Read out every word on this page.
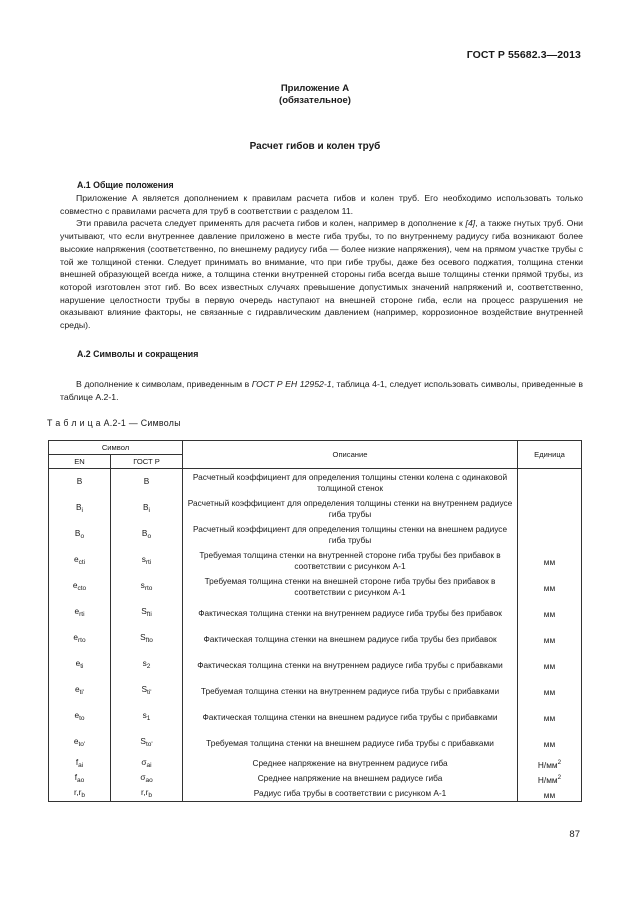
ГОСТ Р 55682.3—2013
Приложение А
(обязательное)
Расчет гибов и колен труб
А.1 Общие положения

Приложение А является дополнением к правилам расчета гибов и колен труб. Его необходимо использовать только совместно с правилами расчета для труб в соответствии с разделом 11.

Эти правила расчета следует применять для расчета гибов и колен, например в дополнение к [4], а также гнутых труб. Они учитывают, что если внутреннее давление приложено в месте гиба трубы, то по внутреннему радиусу гиба возникают более высокие напряжения (соответственно, по внешнему радиусу гиба — более низкие напряжения), чем на прямом участке трубы с той же толщиной стенки. Следует принимать во внимание, что при гибе трубы, даже без осевого поджатия, толщина стенки внешней образующей всегда ниже, а толщина стенки внутренней стороны гиба всегда выше толщины стенки прямой трубы, из которой изготовлен этот гиб. Во всех известных случаях превышение допустимых значений напряжений и, соответственно, нарушение целостности трубы в первую очередь наступают на внешней стороне гиба, если на процесс разрушения не оказывают влияние факторы, не связанные с гидравлическим давлением (например, коррозионное воздействие внутренней среды).

А.2 Символы и сокращения

В дополнение к символам, приведенным в ГОСТ Р ЕН 12952-1, таблица 4-1, следует использовать символы, приведенные в таблице А.2-1.

Т а б л и ц а А.2-1 — Символы
Символ		Описание	Единица
EN	ГОСТ Р		
B	B	Расчетный коэффициент для определения толщины стенки колена с одинаковой толщиной стенок	
$B_i$	$B_i$	Расчетный коэффициент для определения толщины стенки на внутреннем радиусе гиба трубы	
$B_o$	$B_o$	Расчетный коэффициент для определения толщины стенки на внешнем радиусе гиба трубы	
$e_{cti}$	$s_{rti}$	Требуемая толщина стенки на внутренней стороне гиба трубы без прибавок в соответствии с рисунком А-1	мм
$e_{cto}$	$s_{rto}$	Требуемая толщина стенки на внешней стороне гиба трубы без прибавок в соответствии с рисунком А-1	мм
$e_{rti}$	$S_{fti}$	Фактическая толщина стенки на внутреннем радиусе гиба трубы без прибавок	мм
$e_{rto}$	$S_{fto}$	Фактическая толщина стенки на внешнем радиусе гиба трубы без прибавок	мм
$e_{ti}$	$s_2$	Фактическая толщина стенки на внутреннем радиусе гиба трубы с прибавками	мм
$e_{ti'}$	$S_{ti'}$	Требуемая толщина стенки на внутреннем радиусе гиба трубы с прибавками	мм
$e_{to}$	$s_1$	Фактическая толщина стенки на внешнем радиусе гиба трубы с прибавками	мм
$e_{to'}$	$S_{to'}$	Требуемая толщина стенки на внешнем радиусе гиба трубы с прибавками	мм
$f_{ai}$	$\sigma_{ai}$	Среднее напряжение на внутреннем радиусе гиба	$Н/мм^2$
$f_{ao}$	$\sigma_{ao}$	Среднее напряжение на внешнем радиусе гиба	$Н/мм^2$
$r,r_b$	$r,r_b$	Радиус гиба трубы в соответствии с рисунком А-1	мм
87
